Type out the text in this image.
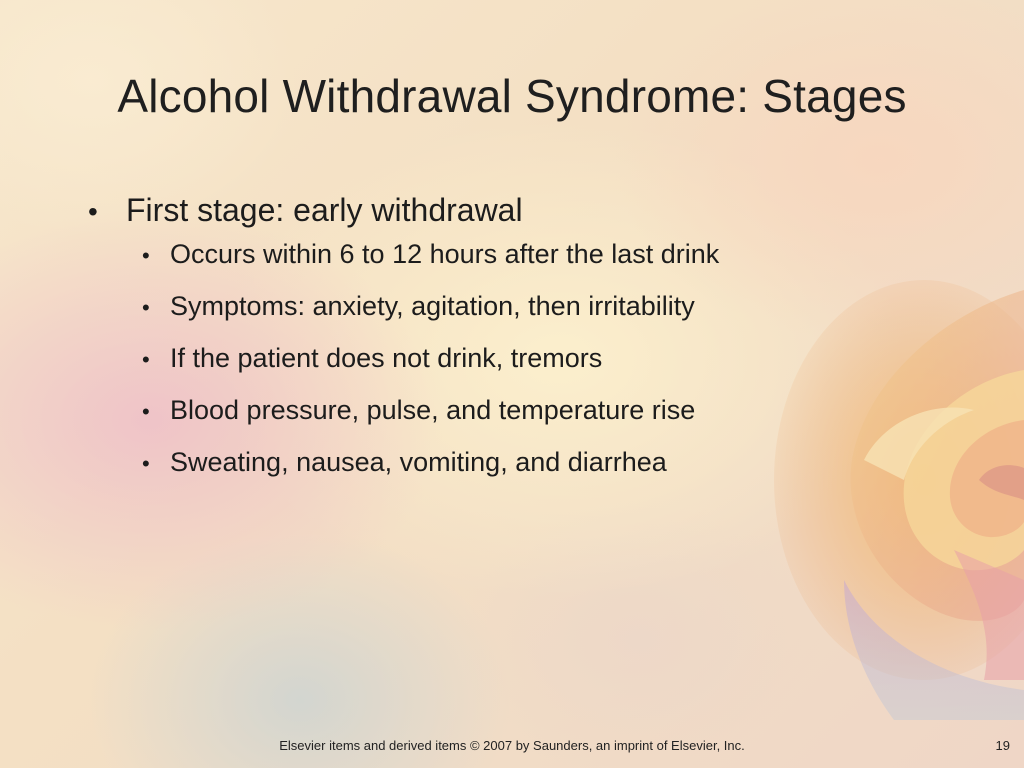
Alcohol Withdrawal Syndrome: Stages
• First stage: early withdrawal
• Occurs within 6 to 12 hours after the last drink
• Symptoms: anxiety, agitation, then irritability
• If the patient does not drink, tremors
• Blood pressure, pulse, and temperature rise
• Sweating, nausea, vomiting, and diarrhea
Elsevier items and derived items © 2007 by Saunders, an imprint of Elsevier, Inc.	19
